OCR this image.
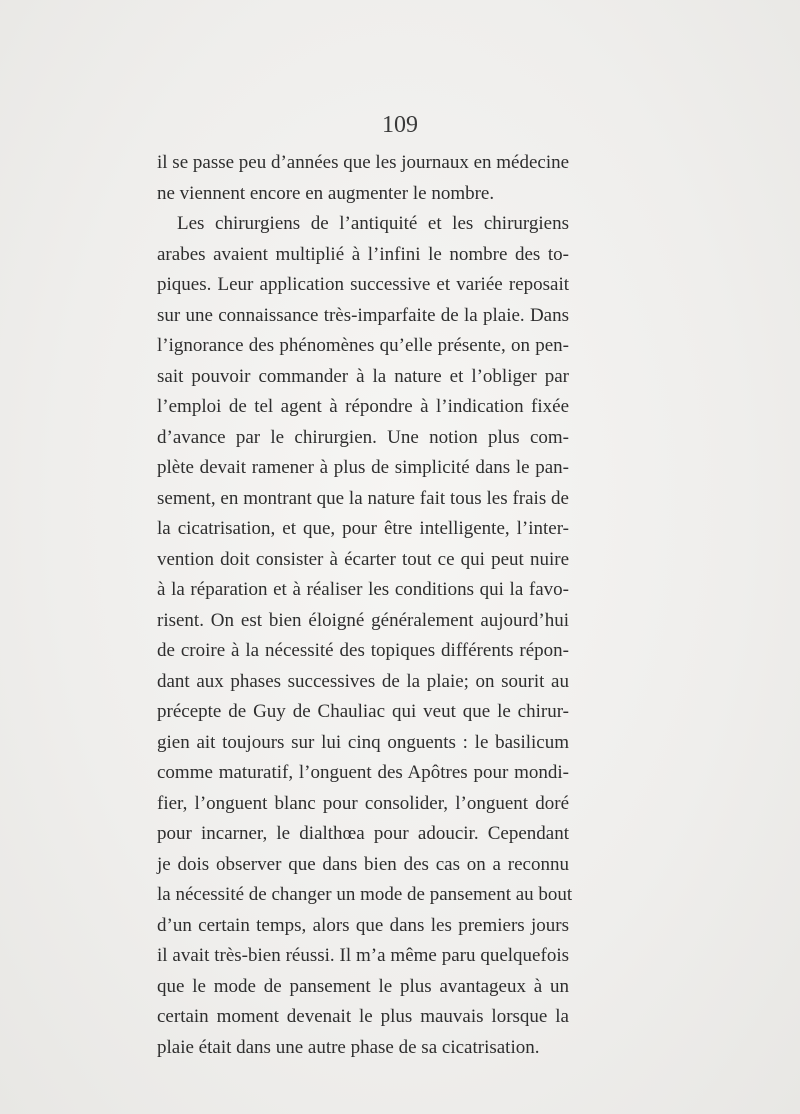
109
il se passe peu d’années que les journaux en médecine
ne viennent encore en augmenter le nombre.
Les chirurgiens de l’antiquité et les chirurgiens
arabes avaient multiplié à l’infini le nombre des to-
piques. Leur application successive et variée reposait
sur une connaissance très-imparfaite de la plaie. Dans
l’ignorance des phénomènes qu’elle présente, on pen-
sait pouvoir commander à la nature et l’obliger par
l’emploi de tel agent à répondre à l’indication fixée
d’avance par le chirurgien. Une notion plus com-
plète devait ramener à plus de simplicité dans le pan-
sement, en montrant que la nature fait tous les frais de
la cicatrisation, et que, pour être intelligente, l’inter-
vention doit consister à écarter tout ce qui peut nuire
à la réparation et à réaliser les conditions qui la favo-
risent. On est bien éloigné généralement aujourd’hui
de croire à la nécessité des topiques différents répon-
dant aux phases successives de la plaie; on sourit au
précepte de Guy de Chauliac qui veut que le chirur-
gien ait toujours sur lui cinq onguents : le basilicum
comme maturatif, l’onguent des Apôtres pour mondi-
fier, l’onguent blanc pour consolider, l’onguent doré
pour incarner, le dialthœa pour adoucir. Cependant
je dois observer que dans bien des cas on a reconnu
la nécessité de changer un mode de pansement au bout
d’un certain temps, alors que dans les premiers jours
il avait très-bien réussi. Il m’a même paru quelquefois
que le mode de pansement le plus avantageux à un
certain moment devenait le plus mauvais lorsque la
plaie était dans une autre phase de sa cicatrisation.
